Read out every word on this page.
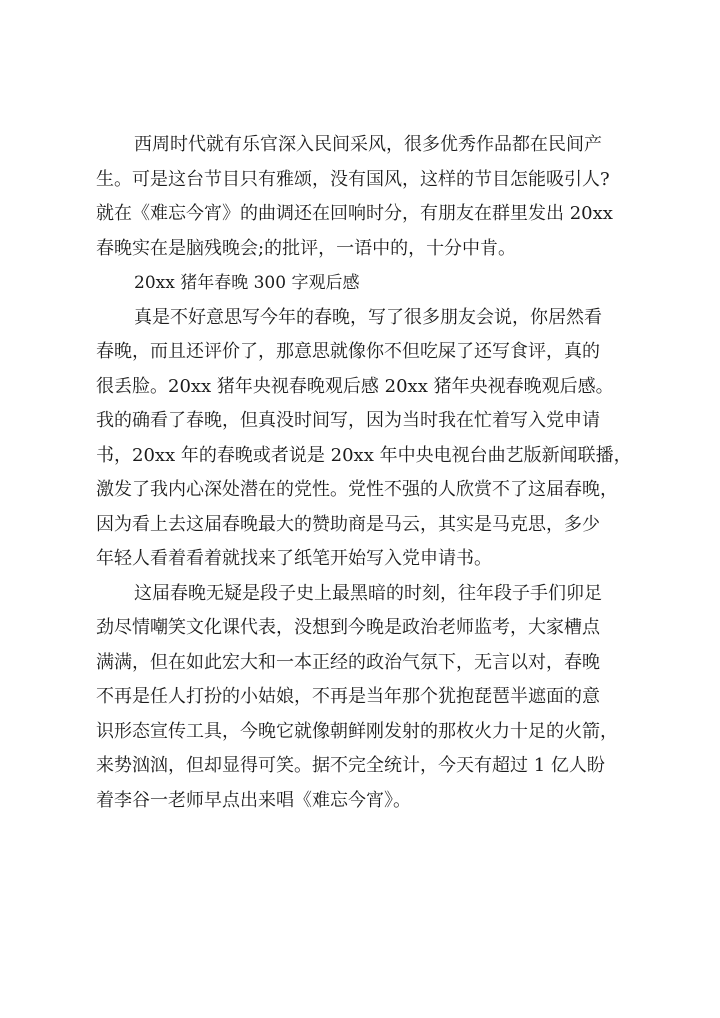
西周时代就有乐官深入民间采风，很多优秀作品都在民间产
生。可是这台节目只有雅颂，没有国风，这样的节目怎能吸引人?
就在《难忘今宵》的曲调还在回响时分，有朋友在群里发出 20xx
春晚实在是脑残晚会;的批评，一语中的，十分中肯。
20xx 猪年春晚 300 字观后感
真是不好意思写今年的春晚，写了很多朋友会说，你居然看
春晚，而且还评价了，那意思就像你不但吃屎了还写食评，真的
很丢脸。20xx 猪年央视春晚观后感 20xx 猪年央视春晚观后感。
我的确看了春晚，但真没时间写，因为当时我在忙着写入党申请
书，20xx 年的春晚或者说是 20xx 年中央电视台曲艺版新闻联播，
激发了我内心深处潜在的党性。党性不强的人欣赏不了这届春晚，
因为看上去这届春晚最大的赞助商是马云，其实是马克思，多少
年轻人看着看着就找来了纸笔开始写入党申请书。
这届春晚无疑是段子史上最黑暗的时刻，往年段子手们卯足
劲尽情嘲笑文化课代表，没想到今晚是政治老师监考，大家槽点
满满，但在如此宏大和一本正经的政治气氛下，无言以对，春晚
不再是任人打扮的小姑娘，不再是当年那个犹抱琵琶半遮面的意
识形态宣传工具，今晚它就像朝鲜刚发射的那枚火力十足的火箭，
来势汹汹，但却显得可笑。据不完全统计，今天有超过 1 亿人盼
着李谷一老师早点出来唱《难忘今宵》。
